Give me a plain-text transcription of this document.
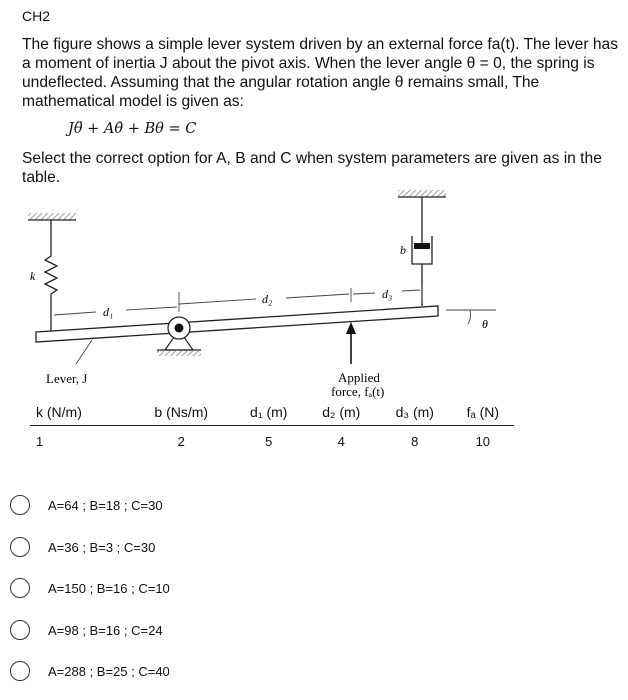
CH2
The figure shows a simple lever system driven by an external force fa(t). The lever has a moment of inertia J about the pivot axis. When the lever angle θ = 0, the spring is undeflected. Assuming that the angular rotation angle θ remains small, The mathematical model is given as:
Jθ̈ + Aθ̇ + Bθ = C
Select the correct option for A, B and C when system parameters are given as in the table.
k
b
d₁
d₂	d₃
θ
Lever, J	Applied
force, fₐ(t)
k (N/m)	b (Ns/m)	d₁ (m)	d₂ (m)	d₃ (m)	fₐ (N)
1	2	5	4	8	10
A=64 ; B=18 ; C=30
A=36 ; B=3 ; C=30
A=150 ; B=16 ; C=10
A=98 ; B=16 ; C=24
A=288 ; B=25 ; C=40
